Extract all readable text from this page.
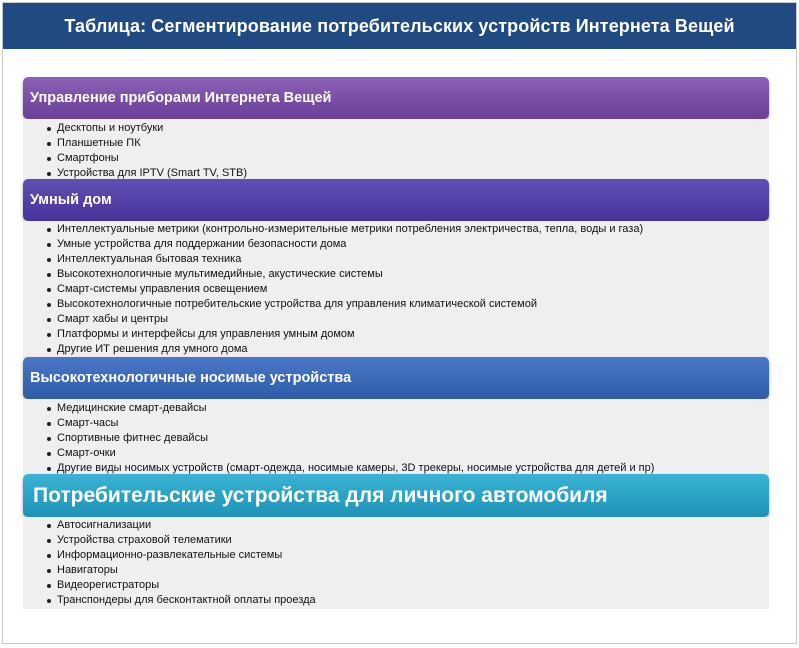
Таблица: Сегментирование потребительских устройств Интернета Вещей
Управление приборами Интернета Вещей
Десктопы и ноутбуки
Планшетные ПК
Смартфоны
Устройства для IPTV (Smart TV, STB)
Умный дом
Интеллектуальные метрики (контрольно-измерительные метрики потребления электричества, тепла, воды и газа)
Умные устройства для поддержании безопасности дома
Интеллектуальная бытовая техника
Высокотехнологичные мультимедийные, акустические системы
Смарт-системы управления освещением
Высокотехнологичные потребительские устройства для управления климатической системой
Смарт хабы и центры
Платформы и интерфейсы для управления умным домом
Другие ИТ решения для умного дома
Высокотехнологичные носимые устройства
Медицинские смарт-девайсы
Смарт-часы
Спортивные фитнес девайсы
Смарт-очки
Другие виды носимых устройств (смарт-одежда, носимые камеры, 3D трекеры, носимые устройства для детей и пр)
Потребительские устройства для личного автомобиля
Автосигнализации
Устройства страховой телематики
Информационно-развлекательные системы
Навигаторы
Видеорегистраторы
Транспондеры для бесконтактной оплаты проезда
